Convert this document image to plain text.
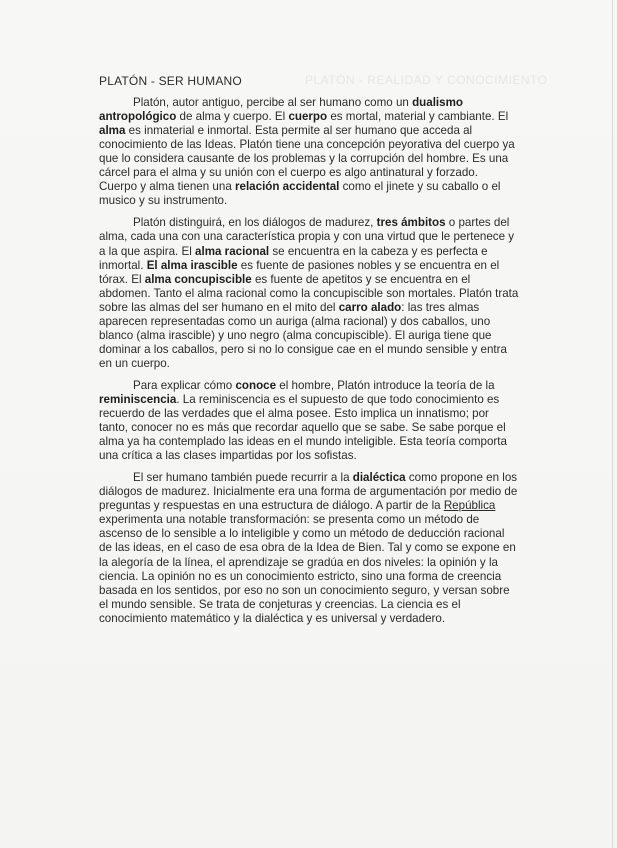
PLATÓN - REALIDAD Y CONOCIMIENTO
PLATÓN - SER HUMANO
Platón, autor antiguo, percibe al ser humano como un dualismo antropológico de alma y cuerpo. El cuerpo es mortal, material y cambiante. El alma es inmaterial e inmortal. Esta permite al ser humano que acceda al conocimiento de las Ideas. Platón tiene una concepción peyorativa del cuerpo ya que lo considera causante de los problemas y la corrupción del hombre. Es una cárcel para el alma y su unión con el cuerpo es algo antinatural y forzado. Cuerpo y alma tienen una relación accidental como el jinete y su caballo o el musico y su instrumento.
Platón distinguirá, en los diálogos de madurez, tres ámbitos o partes del alma, cada una con una característica propia y con una virtud que le pertenece y a la que aspira. El alma racional se encuentra en la cabeza y es perfecta e inmortal. El alma irascible es fuente de pasiones nobles y se encuentra en el tórax. El alma concupiscible es fuente de apetitos y se encuentra en el abdomen. Tanto el alma racional como la concupiscible son mortales. Platón trata sobre las almas del ser humano en el mito del carro alado: las tres almas aparecen representadas como un auriga (alma racional) y dos caballos, uno blanco (alma irascible) y uno negro (alma concupiscible). El auriga tiene que dominar a los caballos, pero si no lo consigue cae en el mundo sensible y entra en un cuerpo.
Para explicar cómo conoce el hombre, Platón introduce la teoría de la reminiscencia. La reminiscencia es el supuesto de que todo conocimiento es recuerdo de las verdades que el alma posee. Esto implica un innatismo; por tanto, conocer no es más que recordar aquello que se sabe. Se sabe porque el alma ya ha contemplado las ideas en el mundo inteligible. Esta teoría comporta una crítica a las clases impartidas por los sofistas.
El ser humano también puede recurrir a la dialéctica como propone en los diálogos de madurez. Inicialmente era una forma de argumentación por medio de preguntas y respuestas en una estructura de diálogo. A partir de la República experimenta una notable transformación: se presenta como un método de ascenso de lo sensible a lo inteligible y como un método de deducción racional de las ideas, en el caso de esa obra de la Idea de Bien. Tal y como se expone en la alegoría de la línea, el aprendizaje se gradúa en dos niveles: la opinión y la ciencia. La opinión no es un conocimiento estricto, sino una forma de creencia basada en los sentidos, por eso no son un conocimiento seguro, y versan sobre el mundo sensible. Se trata de conjeturas y creencias. La ciencia es el conocimiento matemático y la dialéctica y es universal y verdadero.
